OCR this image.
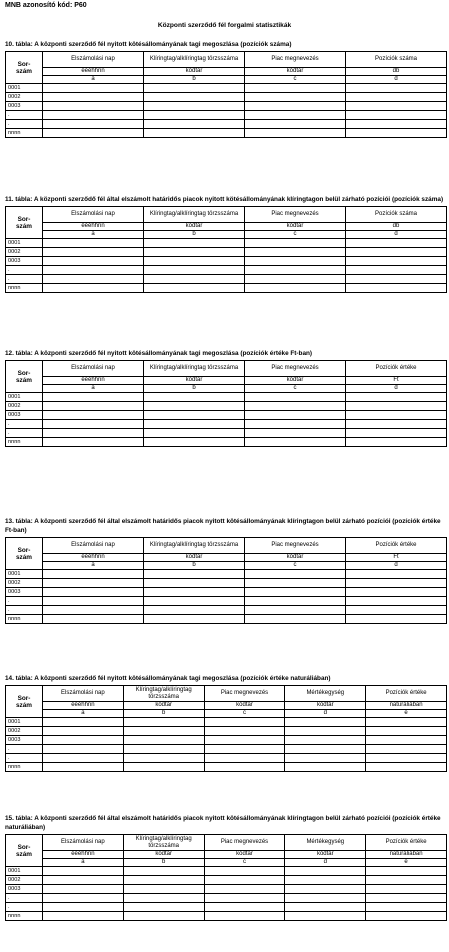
MNB azonosító kód: P60
Központi szerződő fél forgalmi statisztikák
10. tábla: A központi szerződő fél nyitott kötésállományának tagi megoszlása (pozíciók száma)
Sor-
szám	Elszámolási nap	Klíringtag/alklíringtag törzsszáma	Piac megnevezés	Pozíciók száma
	éééhhnn	kódtár	kódtár	db
	a	b	c	d
0001				
0002				
0003				
.				
.				
nnnn				
11. tábla: A központi szerződő fél által elszámolt határidős piacok nyitott kötésállományának klíringtagon belül zárható pozíciói (pozíciók száma)
Sor-
szám	Elszámolási nap	Klíringtag/alklíringtag törzsszáma	Piac megnevezés	Pozíciók száma
	éééhhnn	kódtár	kódtár	db
	a	b	c	d
0001				
0002				
0003				
.				
.				
nnnn				
12. tábla: A központi szerződő fél nyitott kötésállományának tagi megoszlása (pozíciók értéke Ft-ban)
Sor-
szám	Elszámolási nap	Klíringtag/alklíringtag törzsszáma	Piac megnevezés	Pozíciók értéke
	éééhhnn	kódtár	kódtár	Ft
	a	b	c	d
0001				
0002				
0003				
.				
.				
nnnn				
13. tábla: A központi szerződő fél által elszámolt határidős piacok nyitott kötésállományának klíringtagon belül zárható pozíciói (pozíciók értéke Ft-ban)
Sor-
szám	Elszámolási nap	Klíringtag/alklíringtag törzsszáma	Piac megnevezés	Pozíciók értéke
	éééhhnn	kódtár	kódtár	Ft
	a	b	c	d
0001				
0002				
0003				
.				
.				
nnnn				
14. tábla: A központi szerződő fél nyitott kötésállományának tagi megoszlása (pozíciók értéke naturáliában)
Sor-
szám	Elszámolási nap	Klíringtag/alklíringtag törzsszáma	Piac megnevezés	Mértékegység	Pozíciók értéke
	éééhhnn	kódtár	kódtár	kódtár	naturáliában
	a	b	c	d	e
0001					
0002					
0003					
.					
.					
nnnn					
15. tábla: A központi szerződő fél által elszámolt határidős piacok nyitott kötésállományának klíringtagon belül zárható pozíciói (pozíciók értéke naturáliában)
Sor-
szám	Elszámolási nap	Klíringtag/alklíringtag törzsszáma	Piac megnevezés	Mértékegység	Pozíciók értéke
	éééhhnn	kódtár	kódtár	kódtár	naturáliában
	a	b	c	d	e
0001					
0002					
0003					
.					
.					
nnnn					
